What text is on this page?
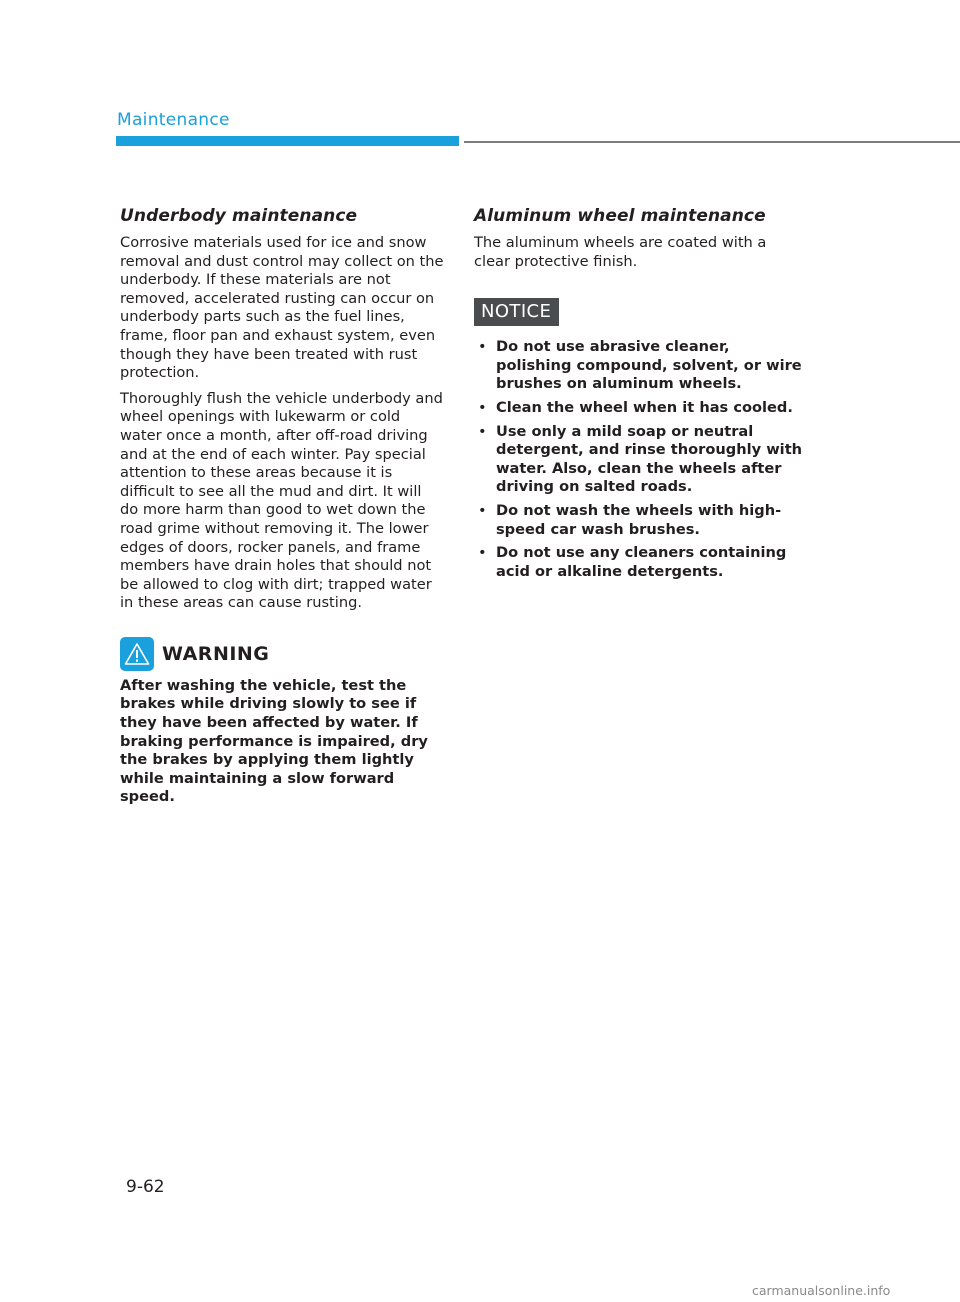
Maintenance
Underbody maintenance

Corrosive materials used for ice and snow removal and dust control may collect on the underbody. If these materials are not removed, accelerated rusting can occur on underbody parts such as the fuel lines, frame, floor pan and exhaust system, even though they have been treated with rust protection.

Thoroughly flush the vehicle underbody and wheel openings with lukewarm or cold water once a month, after off-road driving and at the end of each winter. Pay special attention to these areas because it is difficult to see all the mud and dirt. It will do more harm than good to wet down the road grime without removing it. The lower edges of doors, rocker panels, and frame members have drain holes that should not be allowed to clog with dirt; trapped water in these areas can cause rusting.

WARNING

After washing the vehicle, test the brakes while driving slowly to see if they have been affected by water. If braking performance is impaired, dry the brakes by applying them lightly while maintaining a slow forward speed.

Aluminum wheel maintenance

The aluminum wheels are coated with a clear protective finish.

NOTICE
• Do not use abrasive cleaner, polishing compound, solvent, or wire brushes on aluminum wheels.
• Clean the wheel when it has cooled.
• Use only a mild soap or neutral detergent, and rinse thoroughly with water. Also, clean the wheels after driving on salted roads.
• Do not wash the wheels with high-speed car wash brushes.
• Do not use any cleaners containing acid or alkaline detergents.
9-62
carmanualsonline.info
